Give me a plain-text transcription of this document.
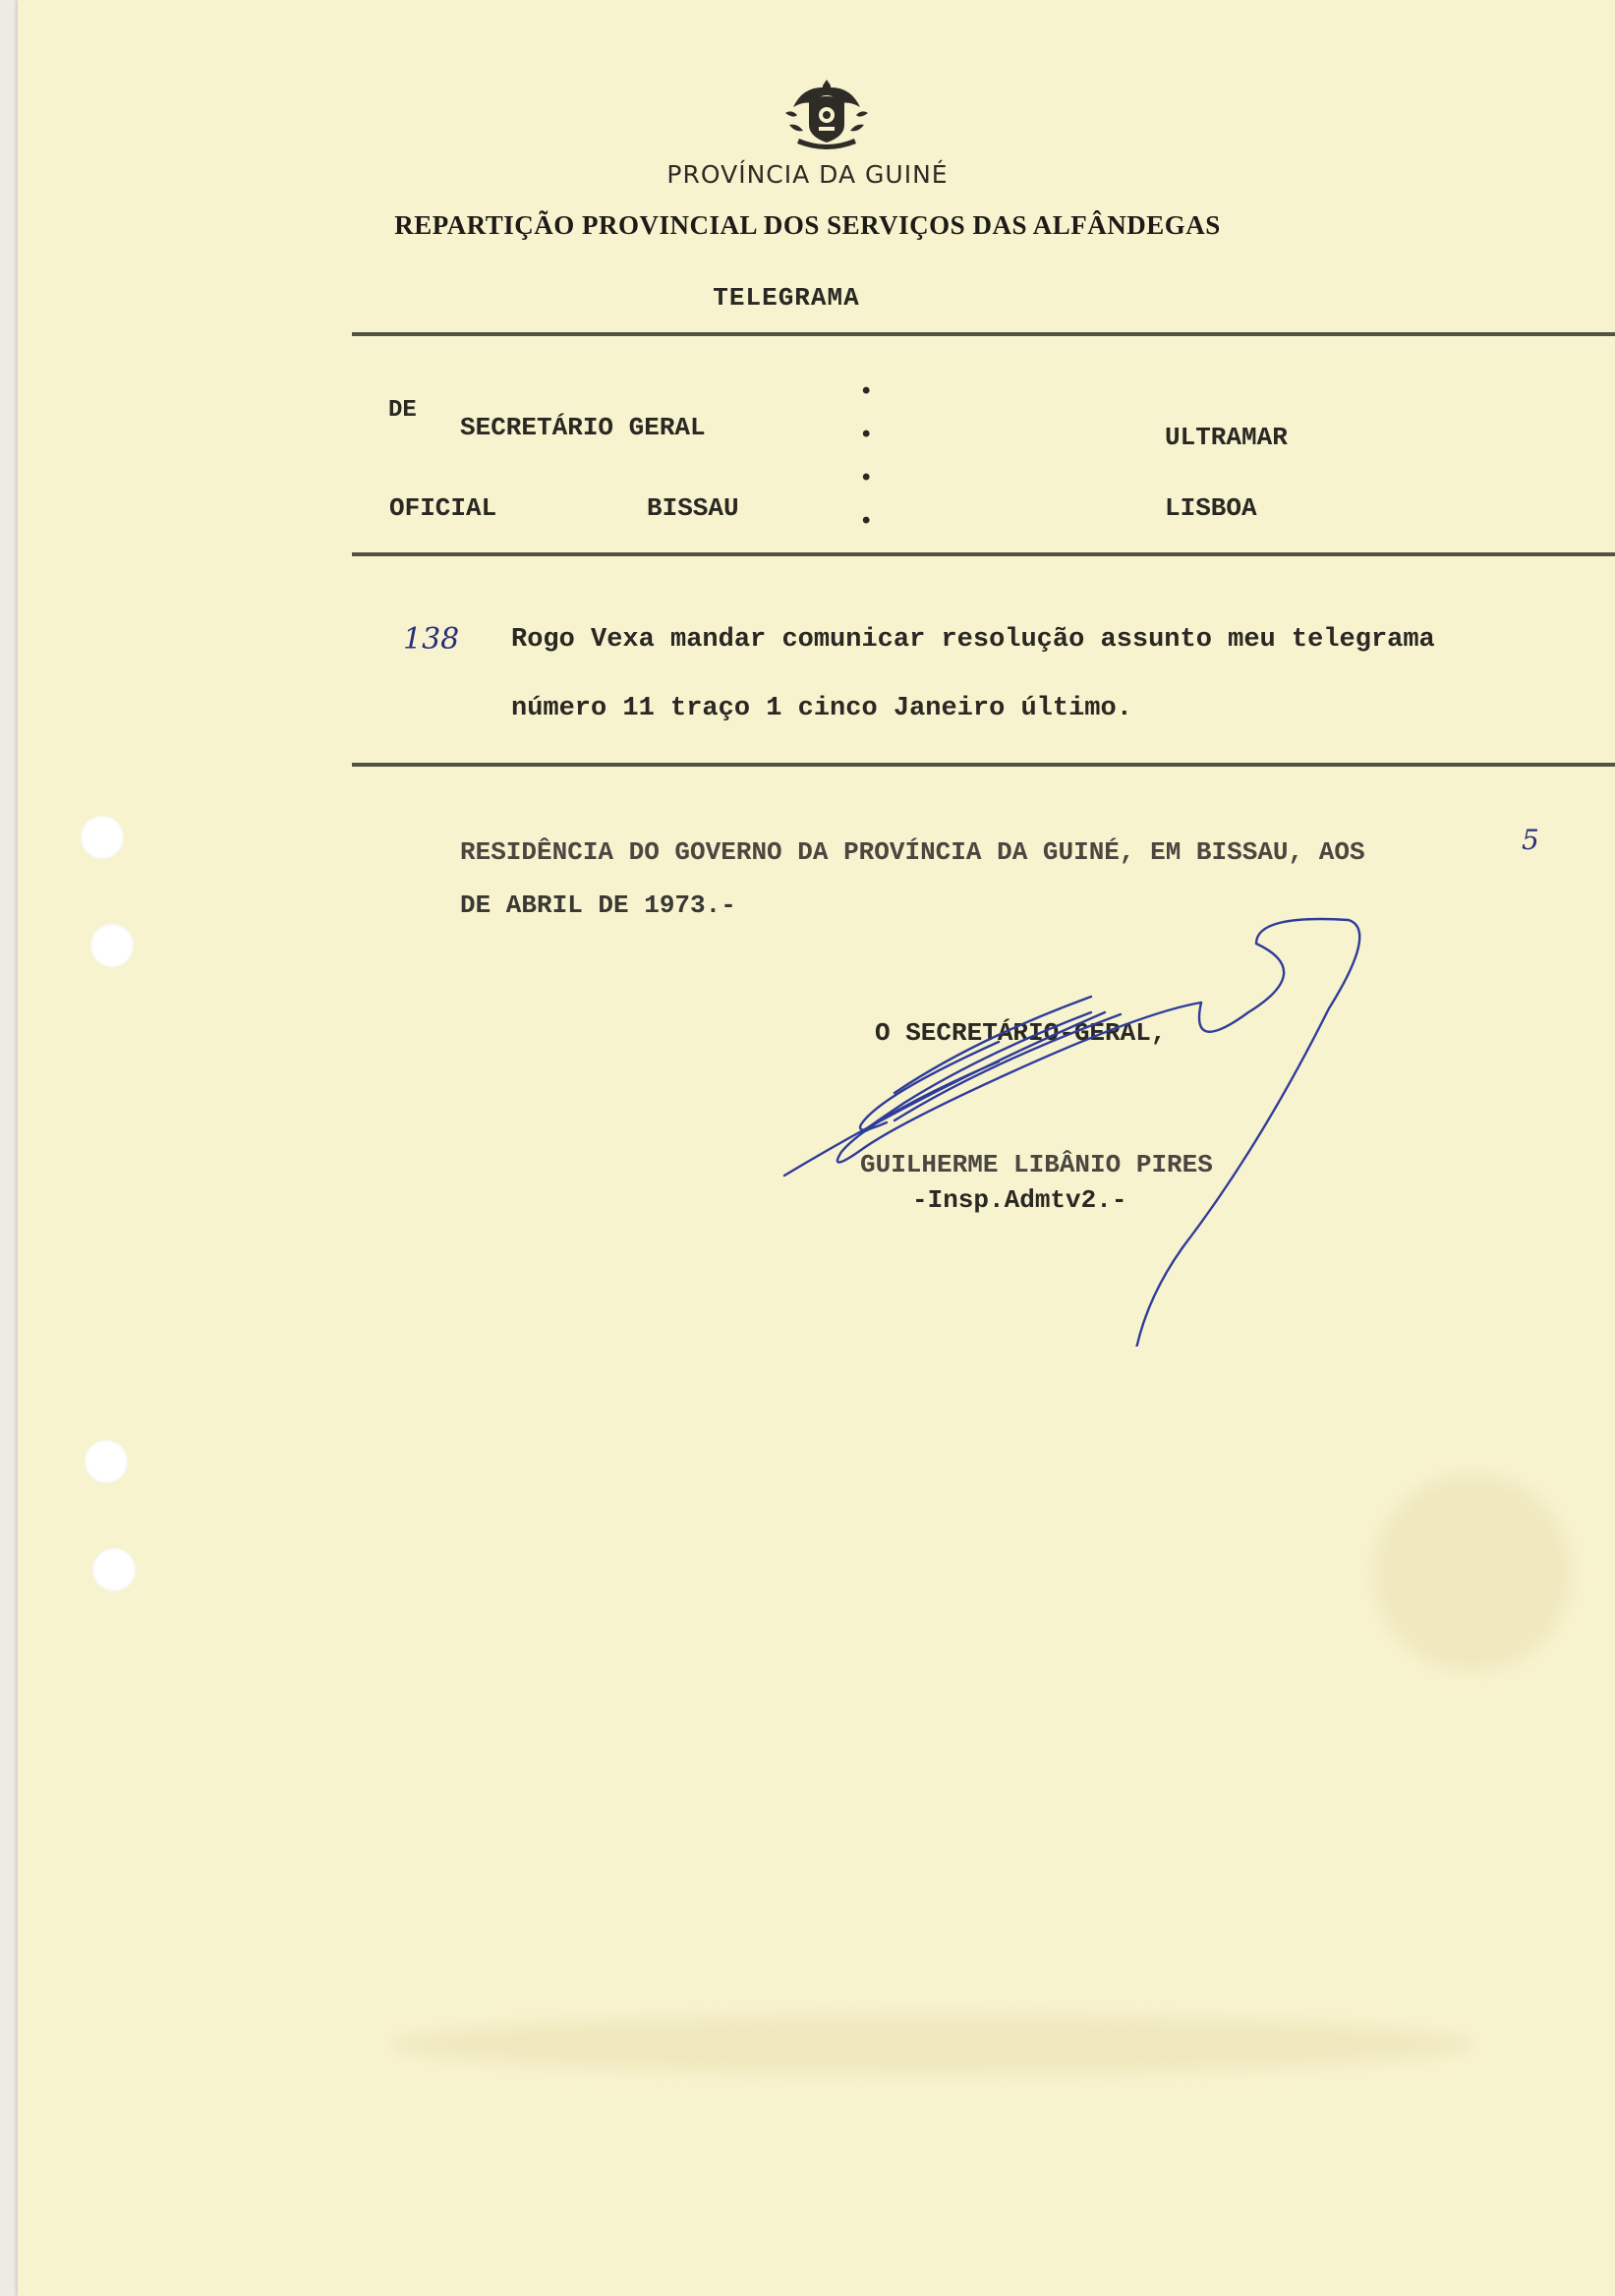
PROVÍNCIA DA GUINÉ
REPARTIÇÃO PROVINCIAL DOS SERVIÇOS DAS ALFÂNDEGAS
TELEGRAMA
DE
SECRETÁRIO GERAL
OFICIAL	BISSAU
ULTRAMAR
LISBOA
•
•
•
•
138 Rogo Vexa mandar comunicar resolução assunto meu telegrama
número 11 traço 1 cinco Janeiro último.
RESIDÊNCIA DO GOVERNO DA PROVÍNCIA DA GUINÉ, EM BISSAU, AOS	5
DE ABRIL DE 1973.-
O SECRETÁRIO-GERAL,
GUILHERME LIBÂNIO PIRES
-Insp.Admtv2.-
